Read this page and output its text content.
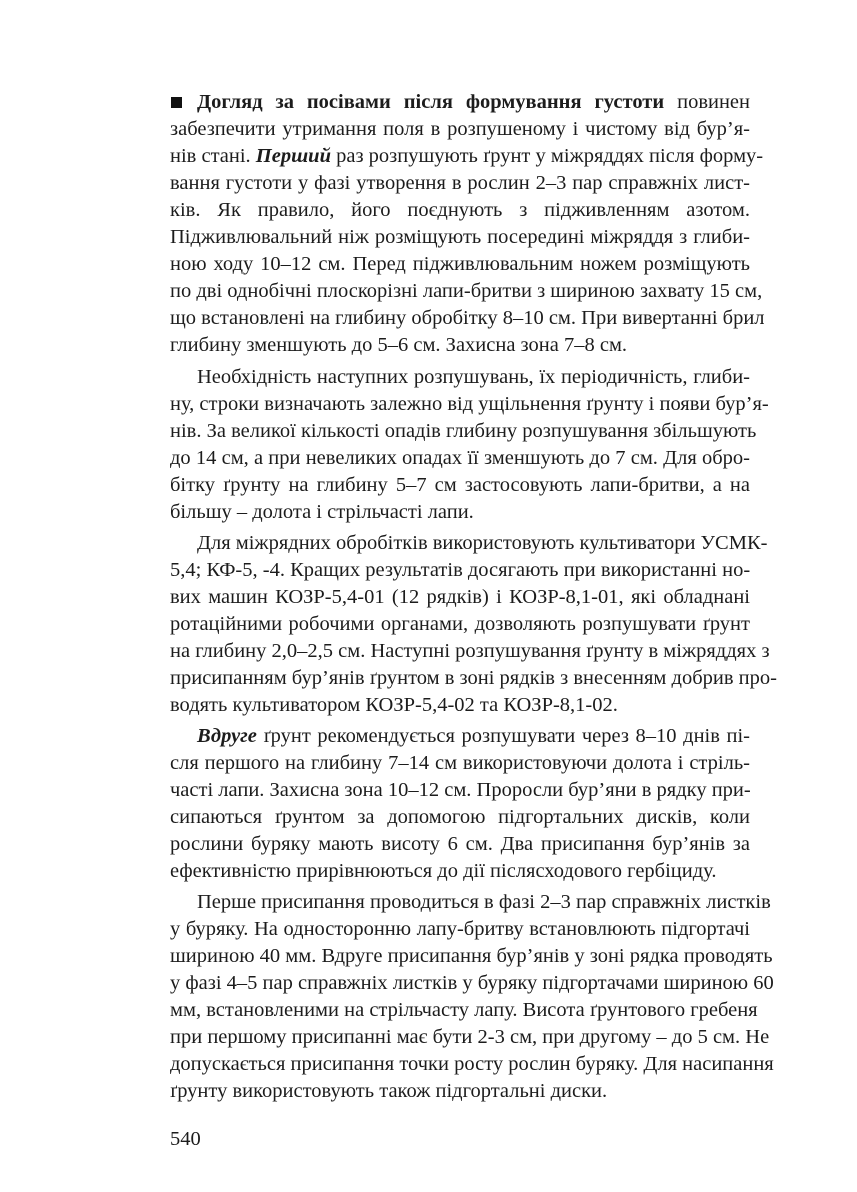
Догляд за посівами після формування густоти повинен
забезпечити утримання поля в розпушеному і чистому від бур’я-
нів стані. Перший раз розпушують ґрунт у міжряддях після форму-
вання густоти у фазі утворення в рослин 2–3 пар справжніх лист-
ків. Як правило, його поєднують з підживленням азотом.
Підживлювальний ніж розміщують посередині міжряддя з глиби-
ною ходу 10–12 см. Перед підживлювальним ножем розміщують
по дві однобічні плоскорізні лапи-бритви з шириною захвату 15 см,
що встановлені на глибину обробітку 8–10 см. При вивертанні брил
глибину зменшують до 5–6 см. Захисна зона 7–8 см.
Необхідність наступних розпушувань, їх періодичність, глиби-
ну, строки визначають залежно від ущільнення ґрунту і появи бур’я-
нів. За великої кількості опадів глибину розпушування збільшують
до 14 см, а при невеликих опадах її зменшують до 7 см. Для обро-
бітку ґрунту на глибину 5–7 см застосовують лапи-бритви, а на
більшу – долота і стрільчасті лапи.
Для міжрядних обробітків використовують культиватори УСМК-
5,4; КФ-5, -4. Кращих результатів досягають при використанні но-
вих машин КОЗР-5,4-01 (12 рядків) і КОЗР-8,1-01, які обладнані
ротаційними робочими органами, дозволяють розпушувати ґрунт
на глибину 2,0–2,5 см. Наступні розпушування ґрунту в міжряддях з
присипанням бур’янів ґрунтом в зоні рядків з внесенням добрив про-
водять культиватором КОЗР-5,4-02 та КОЗР-8,1-02.
Вдруге ґрунт рекомендується розпушувати через 8–10 днів пі-
сля першого на глибину 7–14 см використовуючи долота і стріль-
часті лапи. Захисна зона 10–12 см. Проросли бур’яни в рядку при-
сипаються ґрунтом за допомогою підгортальних дисків, коли
рослини буряку мають висоту 6 см. Два присипання бур’янів за
ефективністю прирівнюються до дії післясходового гербіциду.
Перше присипання проводиться в фазі 2–3 пар справжніх листків
у буряку. На односторонню лапу-бритву встановлюють підгортачі
шириною 40 мм. Вдруге присипання бур’янів у зоні рядка проводять
у фазі 4–5 пар справжніх листків у буряку підгортачами шириною 60
мм, встановленими на стрільчасту лапу. Висота ґрунтового гребеня
при першому присипанні має бути 2-3 см, при другому – до 5 см. Не
допускається присипання точки росту рослин буряку. Для насипання
ґрунту використовують також підгортальні диски.
540
